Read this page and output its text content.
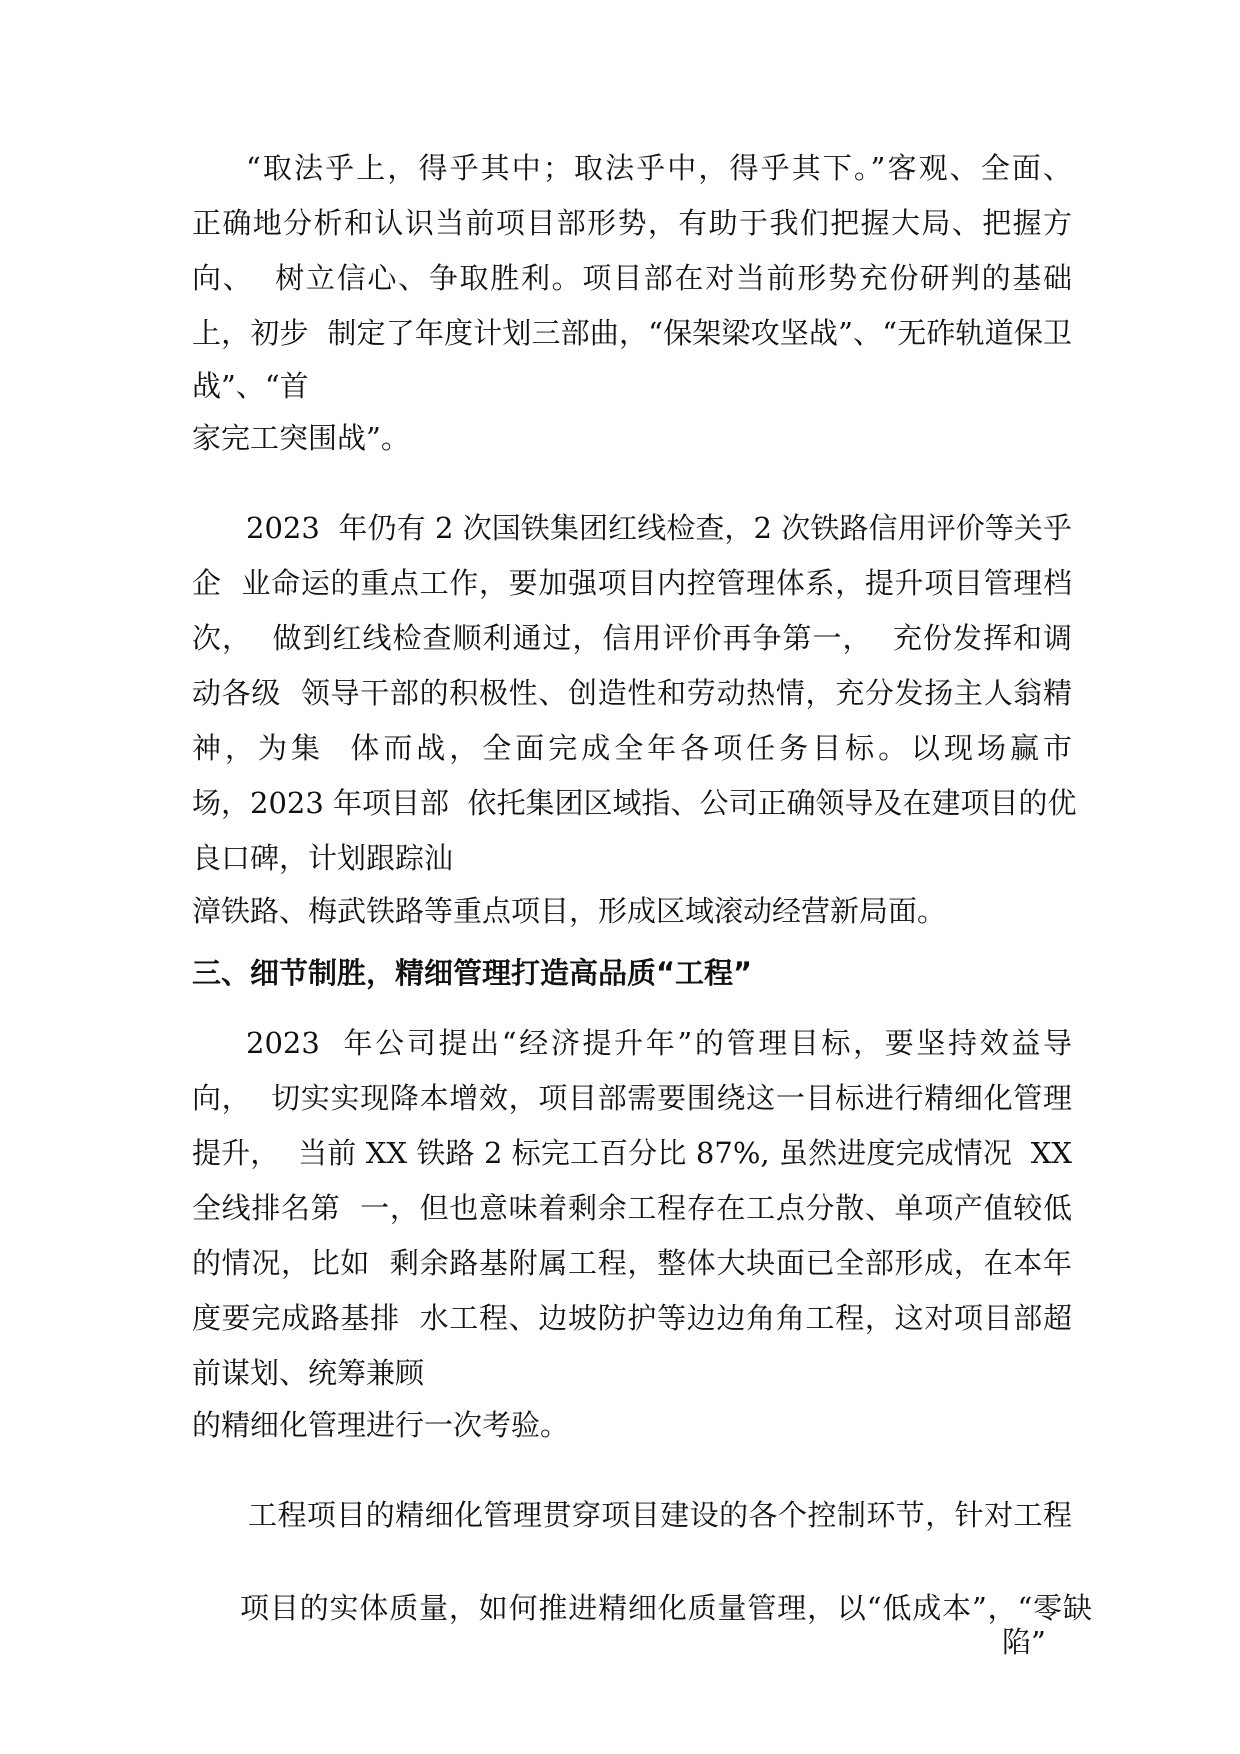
“取法乎上，得乎其中；取法乎中，得乎其下。”客观、全面、
正确地分析和认识当前项目部形势，有助于我们把握大局、把握方
向、  树立信心、争取胜利。项目部在对当前形势充份研判的基础
上，初步  制定了年度计划三部曲，“保架梁攻坚战”、“无砟轨道保卫
战”、“首
家完工突围战”。
2023  年仍有 2 次国铁集团红线检查，2 次铁路信用评价等关乎
企  业命运的重点工作，要加强项目内控管理体系，提升项目管理档
次，  做到红线检查顺利通过，信用评价再争第一，  充份发挥和调
动各级  领导干部的积极性、创造性和劳动热情，充分发扬主人翁精
神，为集  体而战，全面完成全年各项任务目标。以现场赢市
场，2023 年项目部  依托集团区域指、公司正确领导及在建项目的优
良口碑，计划跟踪汕
漳铁路、梅武铁路等重点项目，形成区域滚动经营新局面。
三、细节制胜，精细管理打造高品质“工程”
2023  年公司提出“经济提升年”的管理目标，要坚持效益导
向，  切实实现降本增效，项目部需要围绕这一目标进行精细化管理
提升，  当前 XX 铁路 2 标完工百分比 87%, 虽然进度完成情况  XX
全线排名第  一，但也意味着剩余工程存在工点分散、单项产值较低
的情况，比如  剩余路基附属工程，整体大块面已全部形成，在本年
度要完成路基排  水工程、边坡防护等边边角角工程，这对项目部超
前谋划、统筹兼顾
的精细化管理进行一次考验。
工程项目的精细化管理贯穿项目建设的各个控制环节，针对工程
项目的实体质量，如何推进精细化质量管理，以“低成本”，“零缺
陷”
